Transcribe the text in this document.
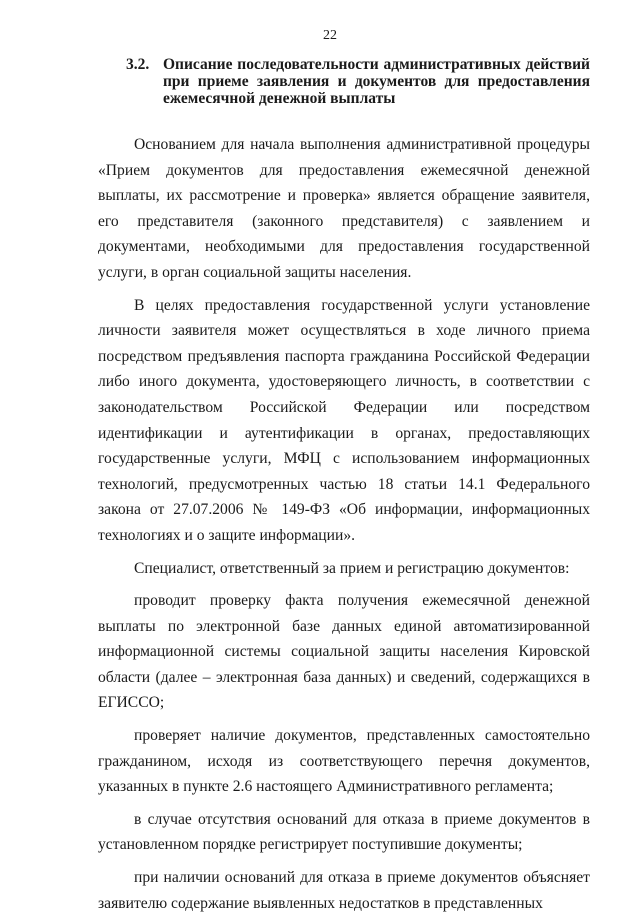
22
3.2. Описание последовательности административных действий при приеме заявления и документов для предоставления ежемесячной денежной выплаты

Основанием для начала выполнения административной процедуры «Прием документов для предоставления ежемесячной денежной выплаты, их рассмотрение и проверка» является обращение заявителя, его представителя (законного представителя) с заявлением и документами, необходимыми для предоставления государственной услуги, в орган социальной защиты населения.

В целях предоставления государственной услуги установление личности заявителя может осуществляться в ходе личного приема посредством предъявления паспорта гражданина Российской Федерации либо иного документа, удостоверяющего личность, в соответствии с законодательством Российской Федерации или посредством идентификации и аутентификации в органах, предоставляющих государственные услуги, МФЦ с использованием информационных технологий, предусмотренных частью 18 статьи 14.1 Федерального закона от 27.07.2006 № 149-ФЗ «Об информации, информационных технологиях и о защите информации».

Специалист, ответственный за прием и регистрацию документов:

проводит проверку факта получения ежемесячной денежной выплаты по электронной базе данных единой автоматизированной информационной системы социальной защиты населения Кировской области (далее – электронная база данных) и сведений, содержащихся в ЕГИССО;

проверяет наличие документов, представленных самостоятельно гражданином, исходя из соответствующего перечня документов, указанных в пункте 2.6 настоящего Административного регламента;

в случае отсутствия оснований для отказа в приеме документов в установленном порядке регистрирует поступившие документы;

при наличии оснований для отказа в приеме документов объясняет заявителю содержание выявленных недостатков в представленных
